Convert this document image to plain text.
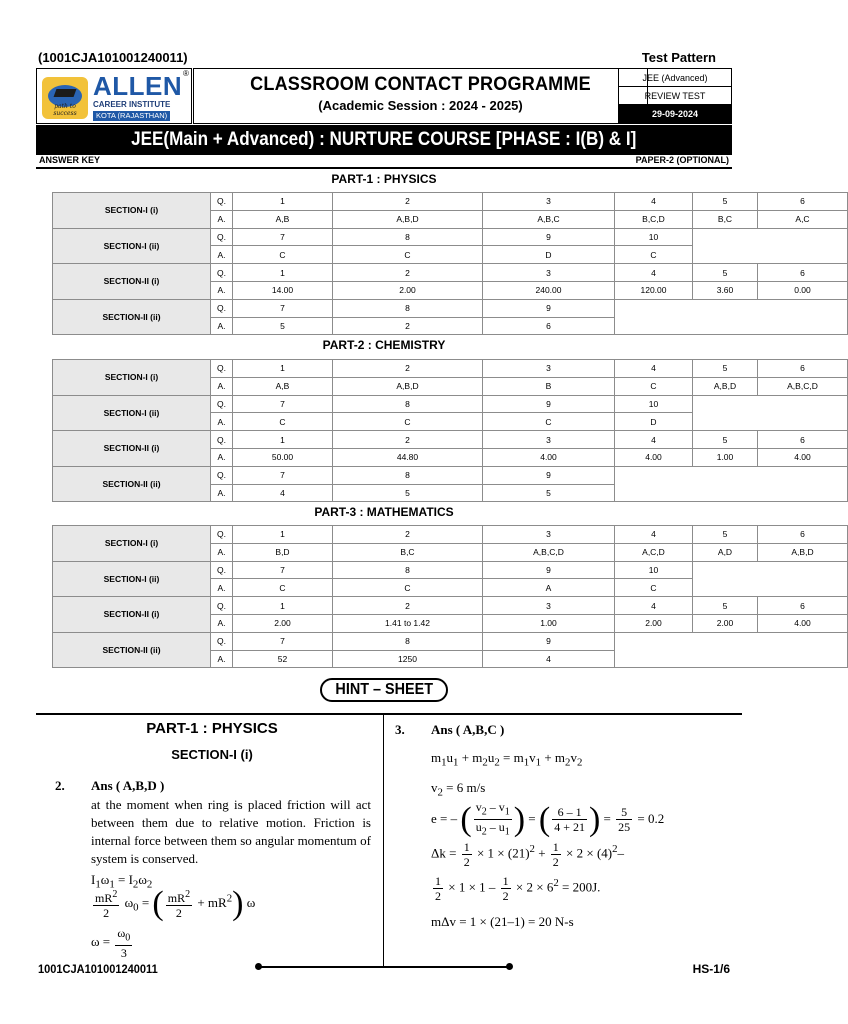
(1001CJA101001240011)	Test Pattern
path to success
ALLEN ®
CAREER INSTITUTE
KOTA (RAJASTHAN)
CLASSROOM CONTACT PROGRAMME
(Academic Session : 2024 - 2025)
JEE (Advanced)
REVIEW TEST
29-09-2024
JEE(Main + Advanced) : NURTURE COURSE [PHASE : I(B) & I]
ANSWER KEY	PAPER-2 (OPTIONAL)
PART-1 : PHYSICS
SECTION-I (i)	Q.	1	2	3	4	5	6
	A.	A,B	A,B,D	A,B,C	B,C,D	B,C	A,C
SECTION-I (ii)	Q.	7	8	9	10		
	A.	C	C	D	C		
SECTION-II (i)	Q.	1	2	3	4	5	6
	A.	14.00	2.00	240.00	120.00	3.60	0.00
SECTION-II (ii)	Q.	7	8	9			
	A.	5	2	6			
PART-2 : CHEMISTRY
SECTION-I (i)	Q.	1	2	3	4	5	6
	A.	A,B	A,B,D	B	C	A,B,D	A,B,C,D
SECTION-I (ii)	Q.	7	8	9	10		
	A.	C	C	C	D		
SECTION-II (i)	Q.	1	2	3	4	5	6
	A.	50.00	44.80	4.00	4.00	1.00	4.00
SECTION-II (ii)	Q.	7	8	9			
	A.	4	5	5			
PART-3 : MATHEMATICS
SECTION-I (i)	Q.	1	2	3	4	5	6
	A.	B,D	B,C	A,B,C,D	A,C,D	A,D	A,B,D
SECTION-I (ii)	Q.	7	8	9	10		
	A.	C	C	A	C		
SECTION-II (i)	Q.	1	2	3	4	5	6
	A.	2.00	1.41 to 1.42	1.00	2.00	2.00	4.00
SECTION-II (ii)	Q.	7	8	9			
	A.	52	1250	4			
HINT – SHEET
PART-1 : PHYSICS
SECTION-I (i)
2. Ans ( A,B,D )
at the moment when ring is placed friction will act between them due to relative motion. Friction is internal force between them so angular momentum of system is conserved.
$I_1\omega_1 = I_2\omega_2$
$\frac{mR^2}{2} \omega_0$ = ( $\frac{mR^2}{2} + mR^2$) ω
$\omega = \frac{\omega_0}{3}$
3. Ans ( A,B,C )
$m_1u_1 + m_2u_2 = m_1v_1 + m_2v_2$
$v_2 = 6$ m/s
e = – ( $\frac{v_2 - v_1}{u_2 - u_1}$ ) = ( $\frac{6 - 1}{4 + 21}$ ) = $\frac{5}{25} = 0.2$
$\Delta k = \frac{1}{2} \times 1 \times (21)^2 + \frac{1}{2} \times 2 \times (4)^2-$
$\frac{1}{2} \times 1 \times 1 - \frac{1}{2} \times 2 \times 6^2 = 200J$.
mΔv = 1 × (21–1) = 20 N-s
1001CJA101001240011	HS-1/6
